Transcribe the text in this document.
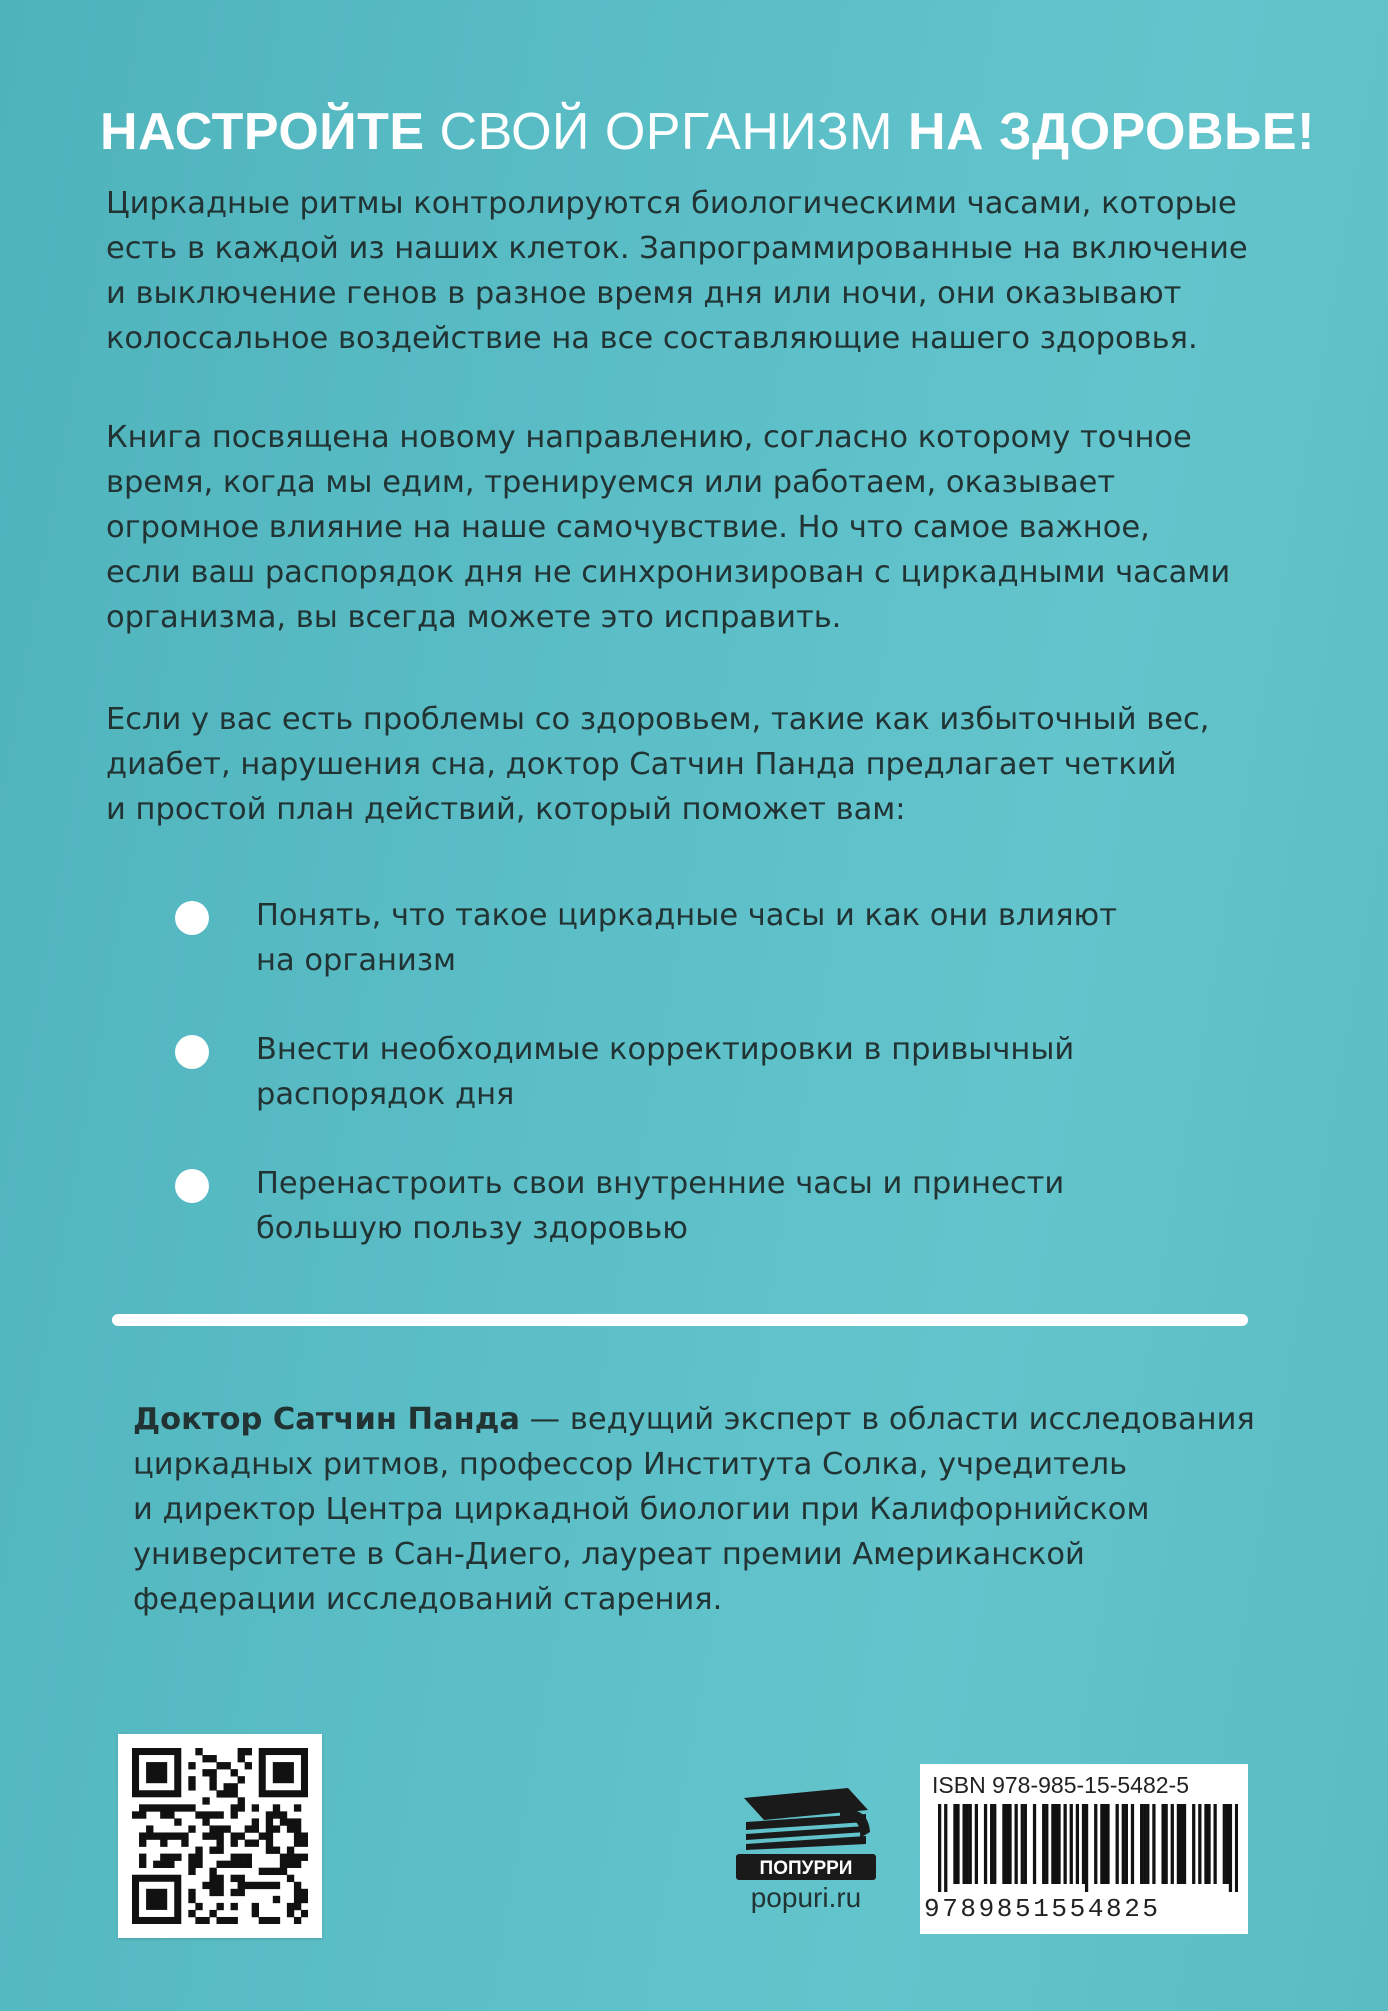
НАСТРОЙТЕ СВОЙ ОРГАНИЗМ НА ЗДОРОВЬЕ!
Циркадные ритмы контролируются биологическими часами, которые
есть в каждой из наших клеток. Запрограммированные на включение
и выключение генов в разное время дня или ночи, они оказывают
колоссальное воздействие на все составляющие нашего здоровья.
Книга посвящена новому направлению, согласно которому точное
время, когда мы едим, тренируемся или работаем, оказывает
огромное влияние на наше самочувствие. Но что самое важное,
если ваш распорядок дня не синхронизирован с циркадными часами
организма, вы всегда можете это исправить.
Если у вас есть проблемы со здоровьем, такие как избыточный вес,
диабет, нарушения сна, доктор Сатчин Панда предлагает четкий
и простой план действий, который поможет вам:
Понять, что такое циркадные часы и как они влияют
на организм
Внести необходимые корректировки в привычный
распорядок дня
Перенастроить свои внутренние часы и принести
большую пользу здоровью
Доктор Сатчин Панда — ведущий эксперт в области исследования
циркадных ритмов, профессор Института Солка, учредитель
и директор Центра циркадной биологии при Калифорнийском
университете в Сан-Диего, лауреат премии Американской
федерации исследований старения.
ПОПУРРИ
popuri.ru
ISBN 978-985-15-5482-5
9789851554825
